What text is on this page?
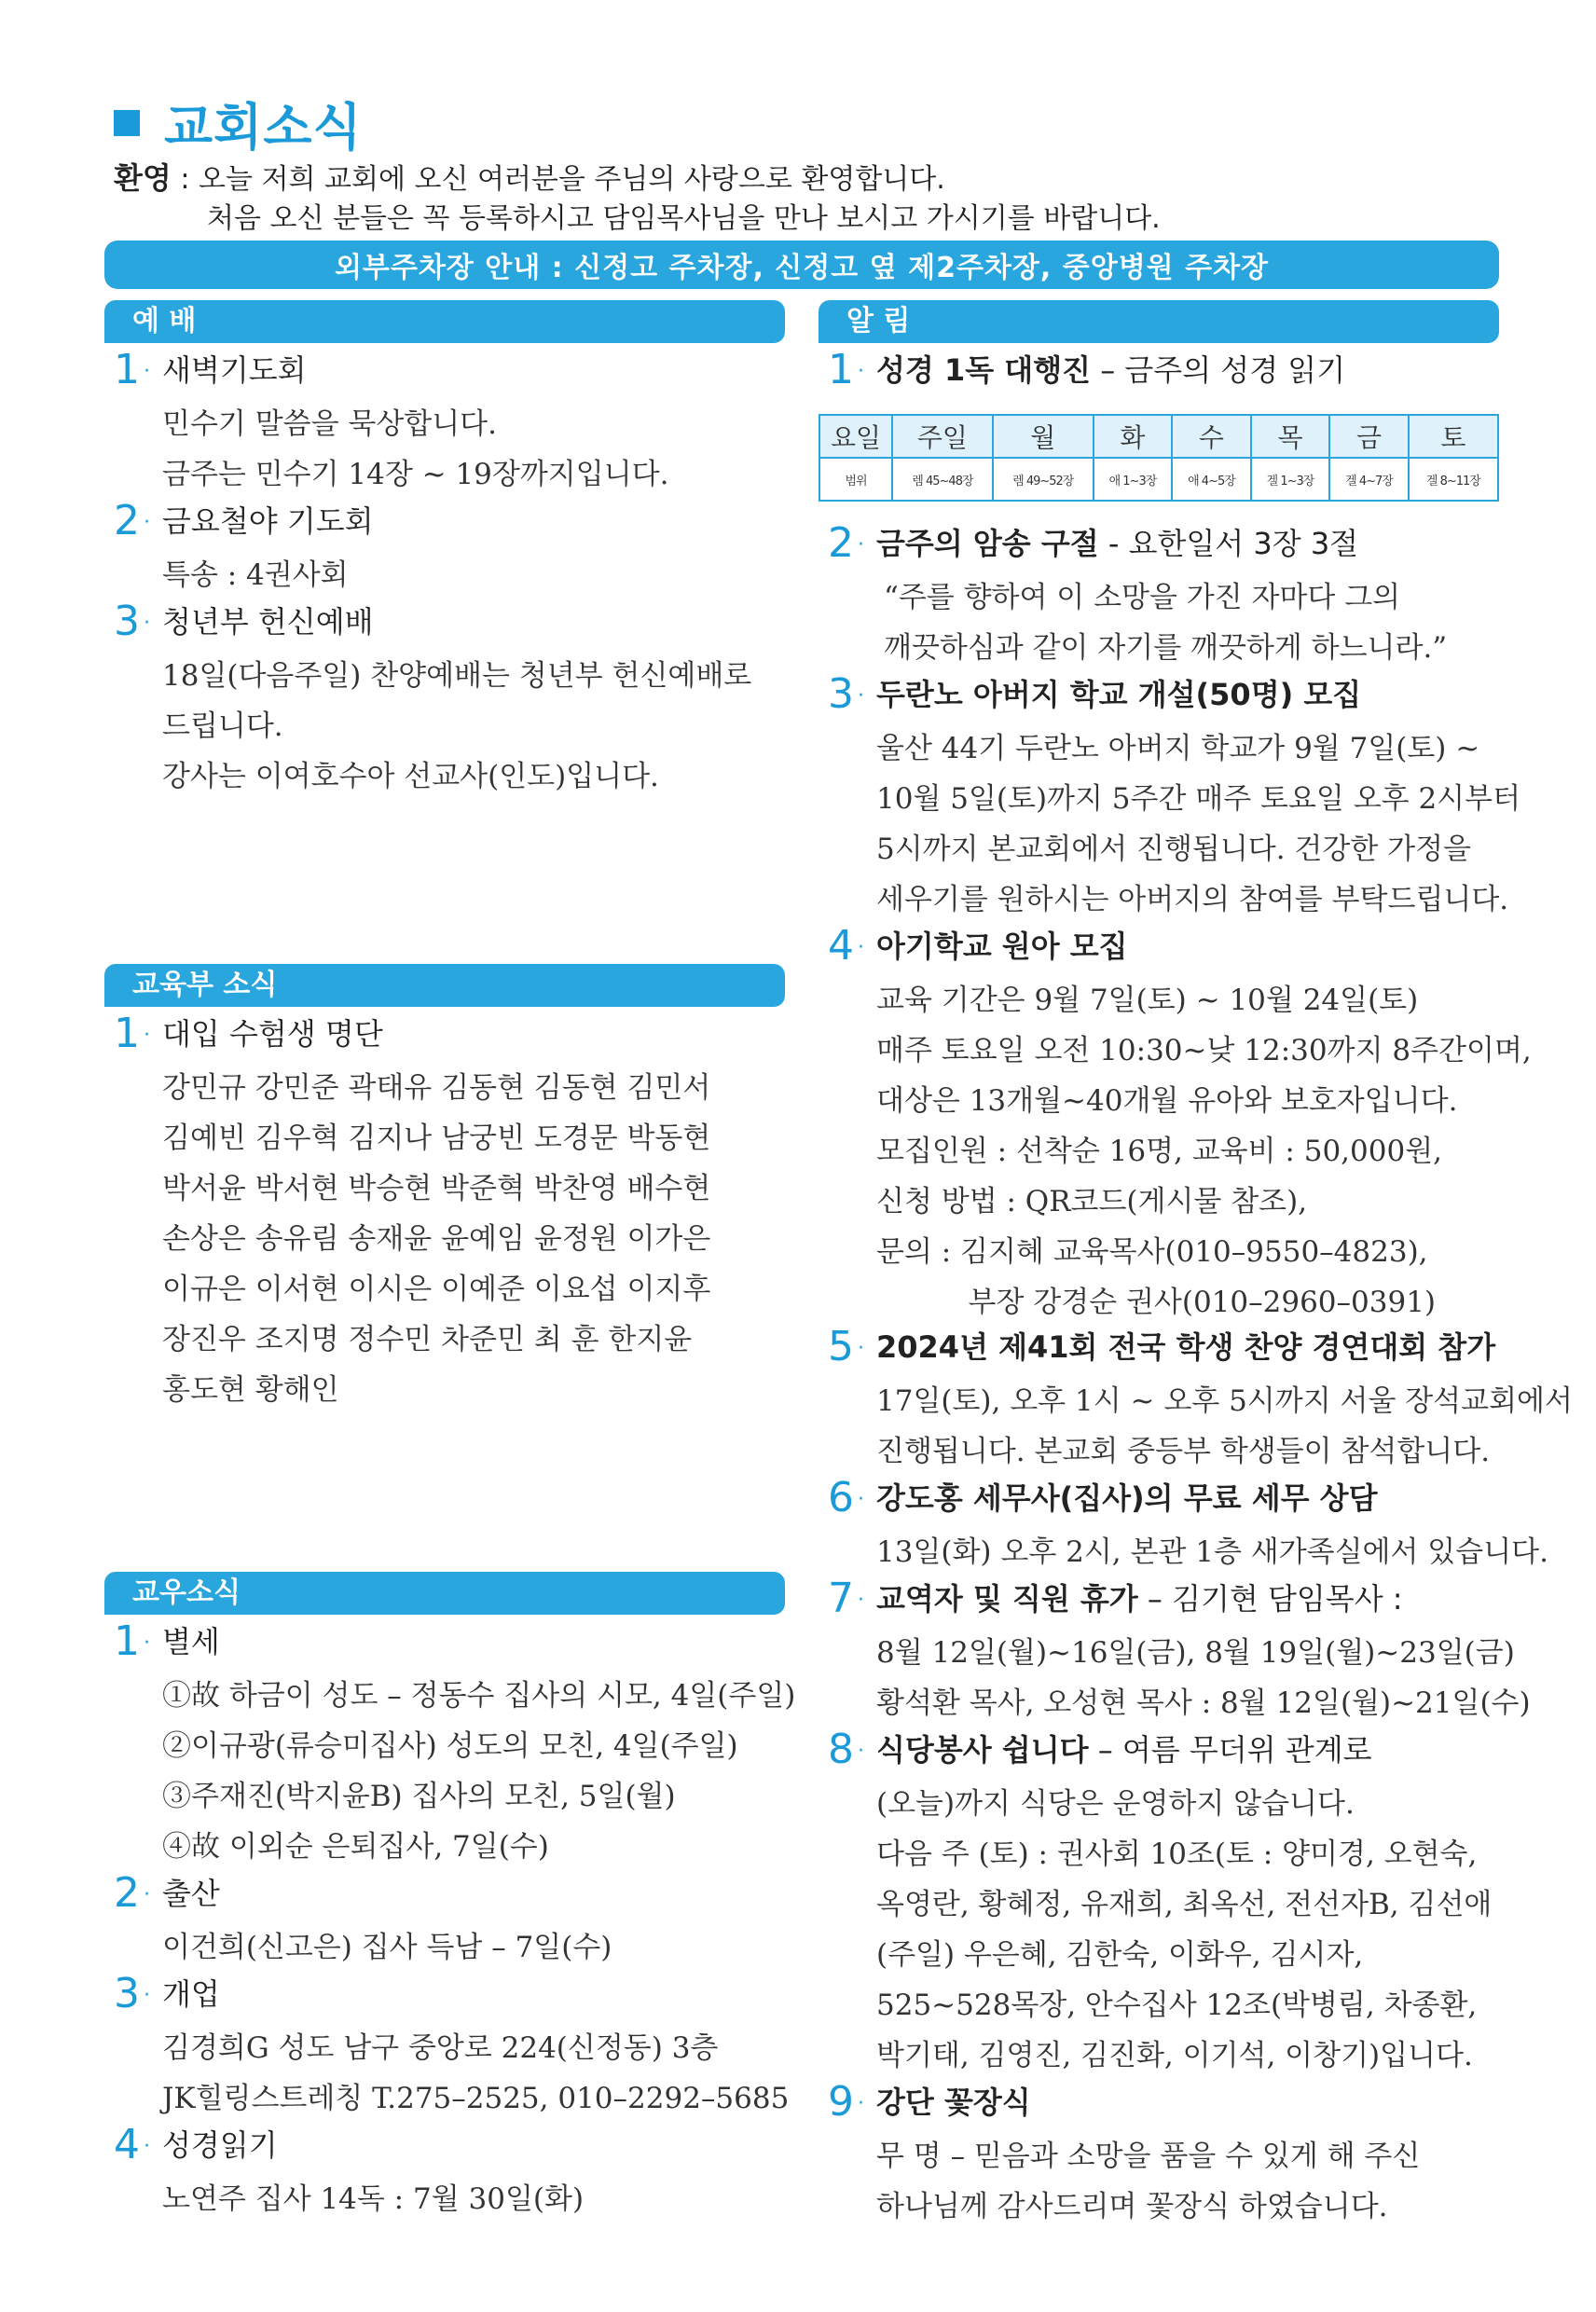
교회소식
환영 : 오늘 저희 교회에 오신 여러분을 주님의 사랑으로 환영합니다.
처음 오신 분들은 꼭 등록하시고 담임목사님을 만나 보시고 가시기를 바랍니다.
외부주차장 안내 : 신정고 주차장, 신정고 옆 제2주차장, 중앙병원 주차장
예 배
1 · 새벽기도회
민수기 말씀을 묵상합니다.
금주는 민수기 14장 ~ 19장까지입니다.
2 · 금요철야 기도회
특송 : 4권사회
3 · 청년부 헌신예배
18일(다음주일) 찬양예배는 청년부 헌신예배로
드립니다.
강사는 이여호수아 선교사(인도)입니다.
교육부 소식
1 · 대입 수험생 명단
강민규 강민준 곽태유 김동현 김동현 김민서
김예빈 김우혁 김지나 남궁빈 도경문 박동현
박서윤 박서현 박승현 박준혁 박찬영 배수현
손상은 송유림 송재윤 윤예임 윤정원 이가은
이규은 이서현 이시은 이예준 이요섭 이지후
장진우 조지명 정수민 차준민 최 훈 한지윤
홍도현 황해인
교우소식
1 · 별세
①故 하금이 성도 – 정동수 집사의 시모, 4일(주일)
②이규광(류승미집사) 성도의 모친, 4일(주일)
③주재진(박지윤B) 집사의 모친, 5일(월)
④故 이외순 은퇴집사, 7일(수)
2 · 출산
이건희(신고은) 집사 득남 – 7일(수)
3 · 개업
김경희G 성도 남구 중앙로 224(신정동) 3층
JK힐링스트레칭 T.275–2525, 010–2292–5685
4 · 성경읽기
노연주 집사 14독 : 7월 30일(화)
알 림
1 · 성경 1독 대행진 – 금주의 성경 읽기
요일	주일	월	화	수	목	금	토
범위	렘 45~48장	렘 49~52장	애 1~3장	애 4~5장	겔 1~3장	겔 4~7장	겔 8~11장
2 · 금주의 암송 구절 - 요한일서 3장 3절
“주를 향하여 이 소망을 가진 자마다 그의
깨끗하심과 같이 자기를 깨끗하게 하느니라.”
3 · 두란노 아버지 학교 개설(50명) 모집
울산 44기 두란노 아버지 학교가 9월 7일(토) ~
10월 5일(토)까지 5주간 매주 토요일 오후 2시부터
5시까지 본교회에서 진행됩니다. 건강한 가정을
세우기를 원하시는 아버지의 참여를 부탁드립니다.
4 · 아기학교 원아 모집
교육 기간은 9월 7일(토) ~ 10월 24일(토)
매주 토요일 오전 10:30~낮 12:30까지 8주간이며,
대상은 13개월~40개월 유아와 보호자입니다.
모집인원 : 선착순 16명, 교육비 : 50,000원,
신청 방법 : QR코드(게시물 참조),
문의 : 김지혜 교육목사(010–9550–4823),
부장 강경순 권사(010–2960–0391)
5 · 2024년 제41회 전국 학생 찬양 경연대회 참가
17일(토), 오후 1시 ~ 오후 5시까지 서울 장석교회에서
진행됩니다. 본교회 중등부 학생들이 참석합니다.
6 · 강도홍 세무사(집사)의 무료 세무 상담
13일(화) 오후 2시, 본관 1층 새가족실에서 있습니다.
7 · 교역자 및 직원 휴가 – 김기현 담임목사 :
8월 12일(월)~16일(금), 8월 19일(월)~23일(금)
황석환 목사, 오성현 목사 : 8월 12일(월)~21일(수)
8 · 식당봉사 쉽니다 – 여름 무더위 관계로
(오늘)까지 식당은 운영하지 않습니다.
다음 주 (토) : 권사회 10조(토 : 양미경, 오현숙,
옥영란, 황혜정, 유재희, 최옥선, 전선자B, 김선애
(주일) 우은혜, 김한숙, 이화우, 김시자,
525~528목장, 안수집사 12조(박병림, 차종환,
박기태, 김영진, 김진화, 이기석, 이창기)입니다.
9 · 강단 꽃장식
무 명 – 믿음과 소망을 품을 수 있게 해 주신
하나님께 감사드리며 꽃장식 하였습니다.
